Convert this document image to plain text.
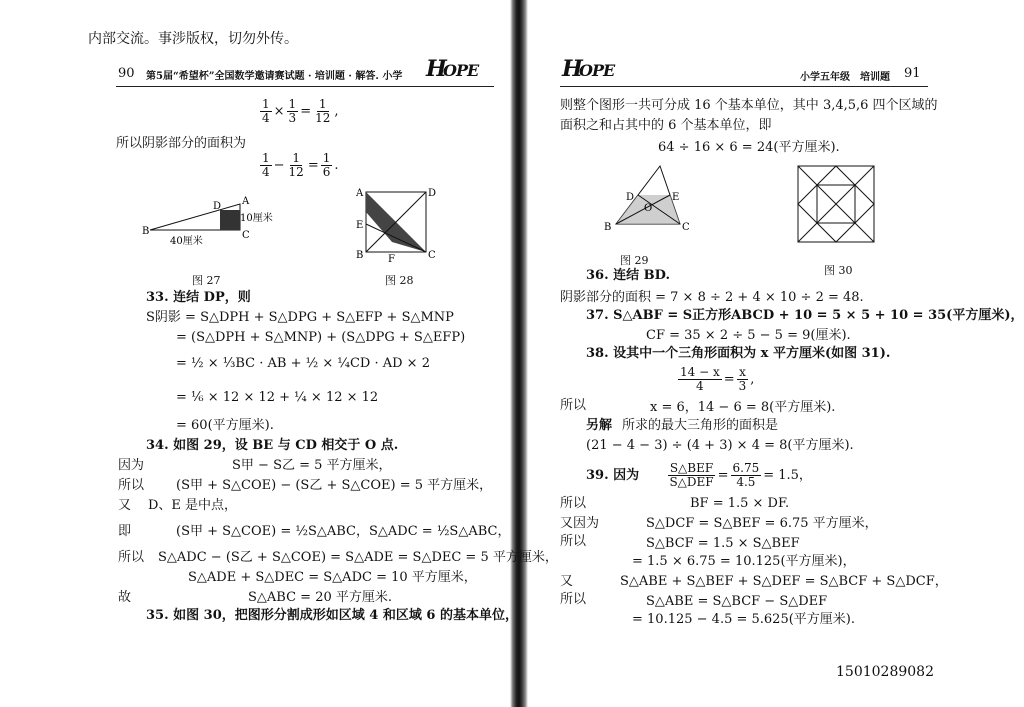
内部交流。事涉版权，切勿外传。
90 第5届“希望杯”全国数学邀请赛试题 · 培训题 · 解答. 小学 H
OPE
$\frac{1}{4} \times \frac{1}{3} = \frac{1}{12}$ ,
所以阴影部分的面积为
$\frac{1}{4} - \frac{1}{12} = \frac{1}{6}$ .
B
A
D
C
10厘米
40厘米
图 27
A	D
E
B F	C
图 28
33. 连结 DP，则
S阴影 = S△DPH + S△DPG + S△EFP + S△MNP
= (S△DPH + S△MNP) + (S△DPG + S△EFP)
= ½ × ⅓BC · AB + ½ × ¼CD · AD × 2
= ⅙ × 12 × 12 + ¼ × 12 × 12
= 60(平方厘米).
34. 如图 29，设 BE 与 CD 相交于 O 点.
因为	S甲 − S乙 = 5 平方厘米，
所以 (S甲 + S△COE) − (S乙 + S△COE) = 5 平方厘米，
又 D、E 是中点，
即	(S甲 + S△COE) = ½S△ABC，S△ADC = ½S△ABC，
所以 S△ADC − (S乙 + S△COE) = S△ADE = S△DEC = 5 平方厘米，
S△ADE + S△DEC = S△ADC = 10 平方厘米，
故	S△ABC = 20 平方厘米.
35. 如图 30，把图形分割成形如区域 4 和区域 6 的基本单位，
H
OPE	小学五年级　培训题 91
则整个图形一共可分成 16 个基本单位，其中 3,4,5,6 四个区域的
面积之和占其中的 6 个基本单位，即
64 ÷ 16 × 6 = 24(平方厘米).
D
O
E
B	C
图 29
图 30
36. 连结 BD.
阴影部分的面积 = 7 × 8 ÷ 2 + 4 × 10 ÷ 2 = 48.
37. S△ABF = S正方形ABCD + 10 = 5 × 5 + 10 = 35(平方厘米)，
CF = 35 × 2 ÷ 5 − 5 = 9(厘米).
38. 设其中一个三角形面积为 x 平方厘米(如图 31).
$\frac{14 - x}{4} = \frac{x}{3}$ ,
所以	x = 6，14 − 6 = 8(平方厘米).
另解 所求的最大三角形的面积是
(21 − 4 − 3) ÷ (4 + 3) × 4 = 8(平方厘米).
39. 因为 $\frac{\text{S△BEF}}{\text{S△DEF}} = \frac{6.75}{4.5} = 1.5$，
所以	BF = 1.5 × DF.
又因为	S△DCF = S△BEF = 6.75 平方厘米，
所以	S△BCF = 1.5 × S△BEF
= 1.5 × 6.75 = 10.125(平方厘米)，
又	S△ABE + S△BEF + S△DEF = S△BCF + S△DCF，
所以	S△ABE = S△BCF − S△DEF
= 10.125 − 4.5 = 5.625(平方厘米).
15010289082
